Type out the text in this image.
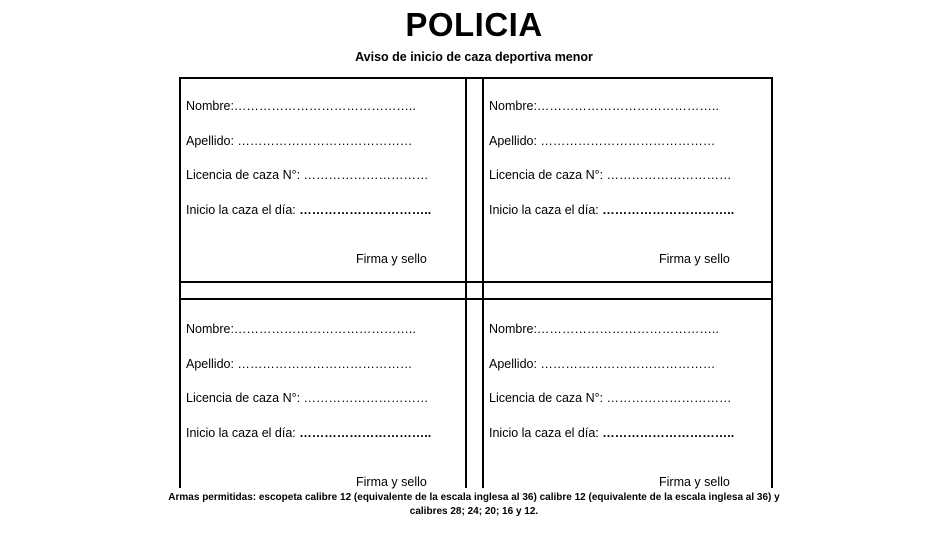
POLICIA
Aviso de inicio de caza deportiva menor
Nombre:……………………………………..
Apellido: ……………………………………
Licencia de caza N°: …………………………
Inicio la caza el día: …………………………..
Firma y sello
Nombre:……………………………………..
Apellido: ……………………………………
Licencia de caza N°: …………………………
Inicio la caza el día: …………………………..
Firma y sello
Nombre:……………………………………..
Apellido: ……………………………………
Licencia de caza N°: …………………………
Inicio la caza el día: …………………………..
Firma y sello
Nombre:……………………………………..
Apellido: ……………………………………
Licencia de caza N°: …………………………
Inicio la caza el día: …………………………..
Firma y sello
Armas permitidas: escopeta calibre 12 (equivalente de la escala inglesa al 36) calibre 12 (equivalente de la escala inglesa al 36) y calibres 28; 24; 20; 16 y 12.
